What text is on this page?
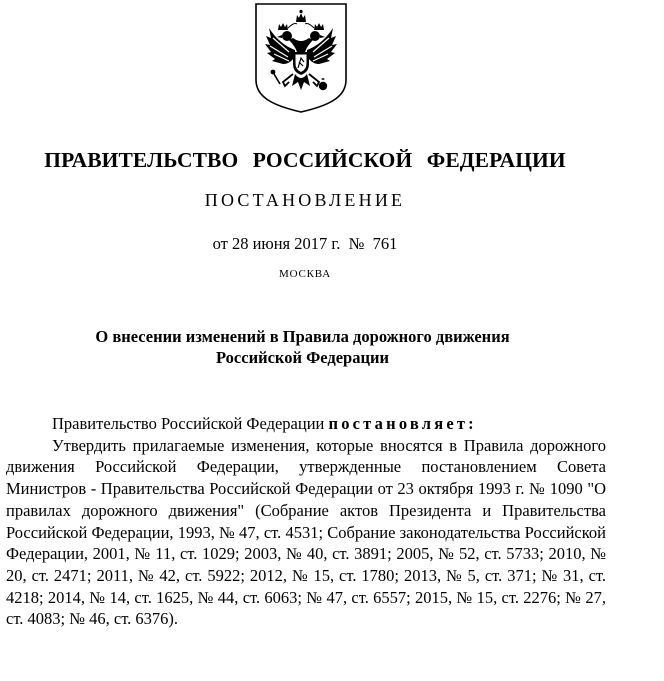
ПРАВИТЕЛЬСТВО РОССИЙСКОЙ ФЕДЕРАЦИИ
ПОСТАНОВЛЕНИЕ
от 28 июня 2017 г.  №  761
МОСКВА
О внесении изменений в Правила дорожного движения
Российской Федерации

Правительство Российской Федерации постановляет:

Утвердить прилагаемые изменения, которые вносятся в Правила дорожного движения Российской Федерации, утвержденные постановлением Совета Министров - Правительства Российской Федерации от 23 октября 1993 г. № 1090 "О правилах дорожного движения" (Собрание актов Президента и Правительства Российской Федерации, 1993, № 47, ст. 4531; Собрание законодательства Российской Федерации, 2001, № 11, ст. 1029; 2003, № 40, ст. 3891; 2005, № 52, ст. 5733; 2010, № 20, ст. 2471; 2011, № 42, ст. 5922; 2012, № 15, ст. 1780; 2013, № 5, ст. 371; № 31, ст. 4218; 2014, № 14, ст. 1625, № 44, ст. 6063; № 47, ст. 6557; 2015, № 15, ст. 2276; № 27, ст. 4083; № 46, ст. 6376).
